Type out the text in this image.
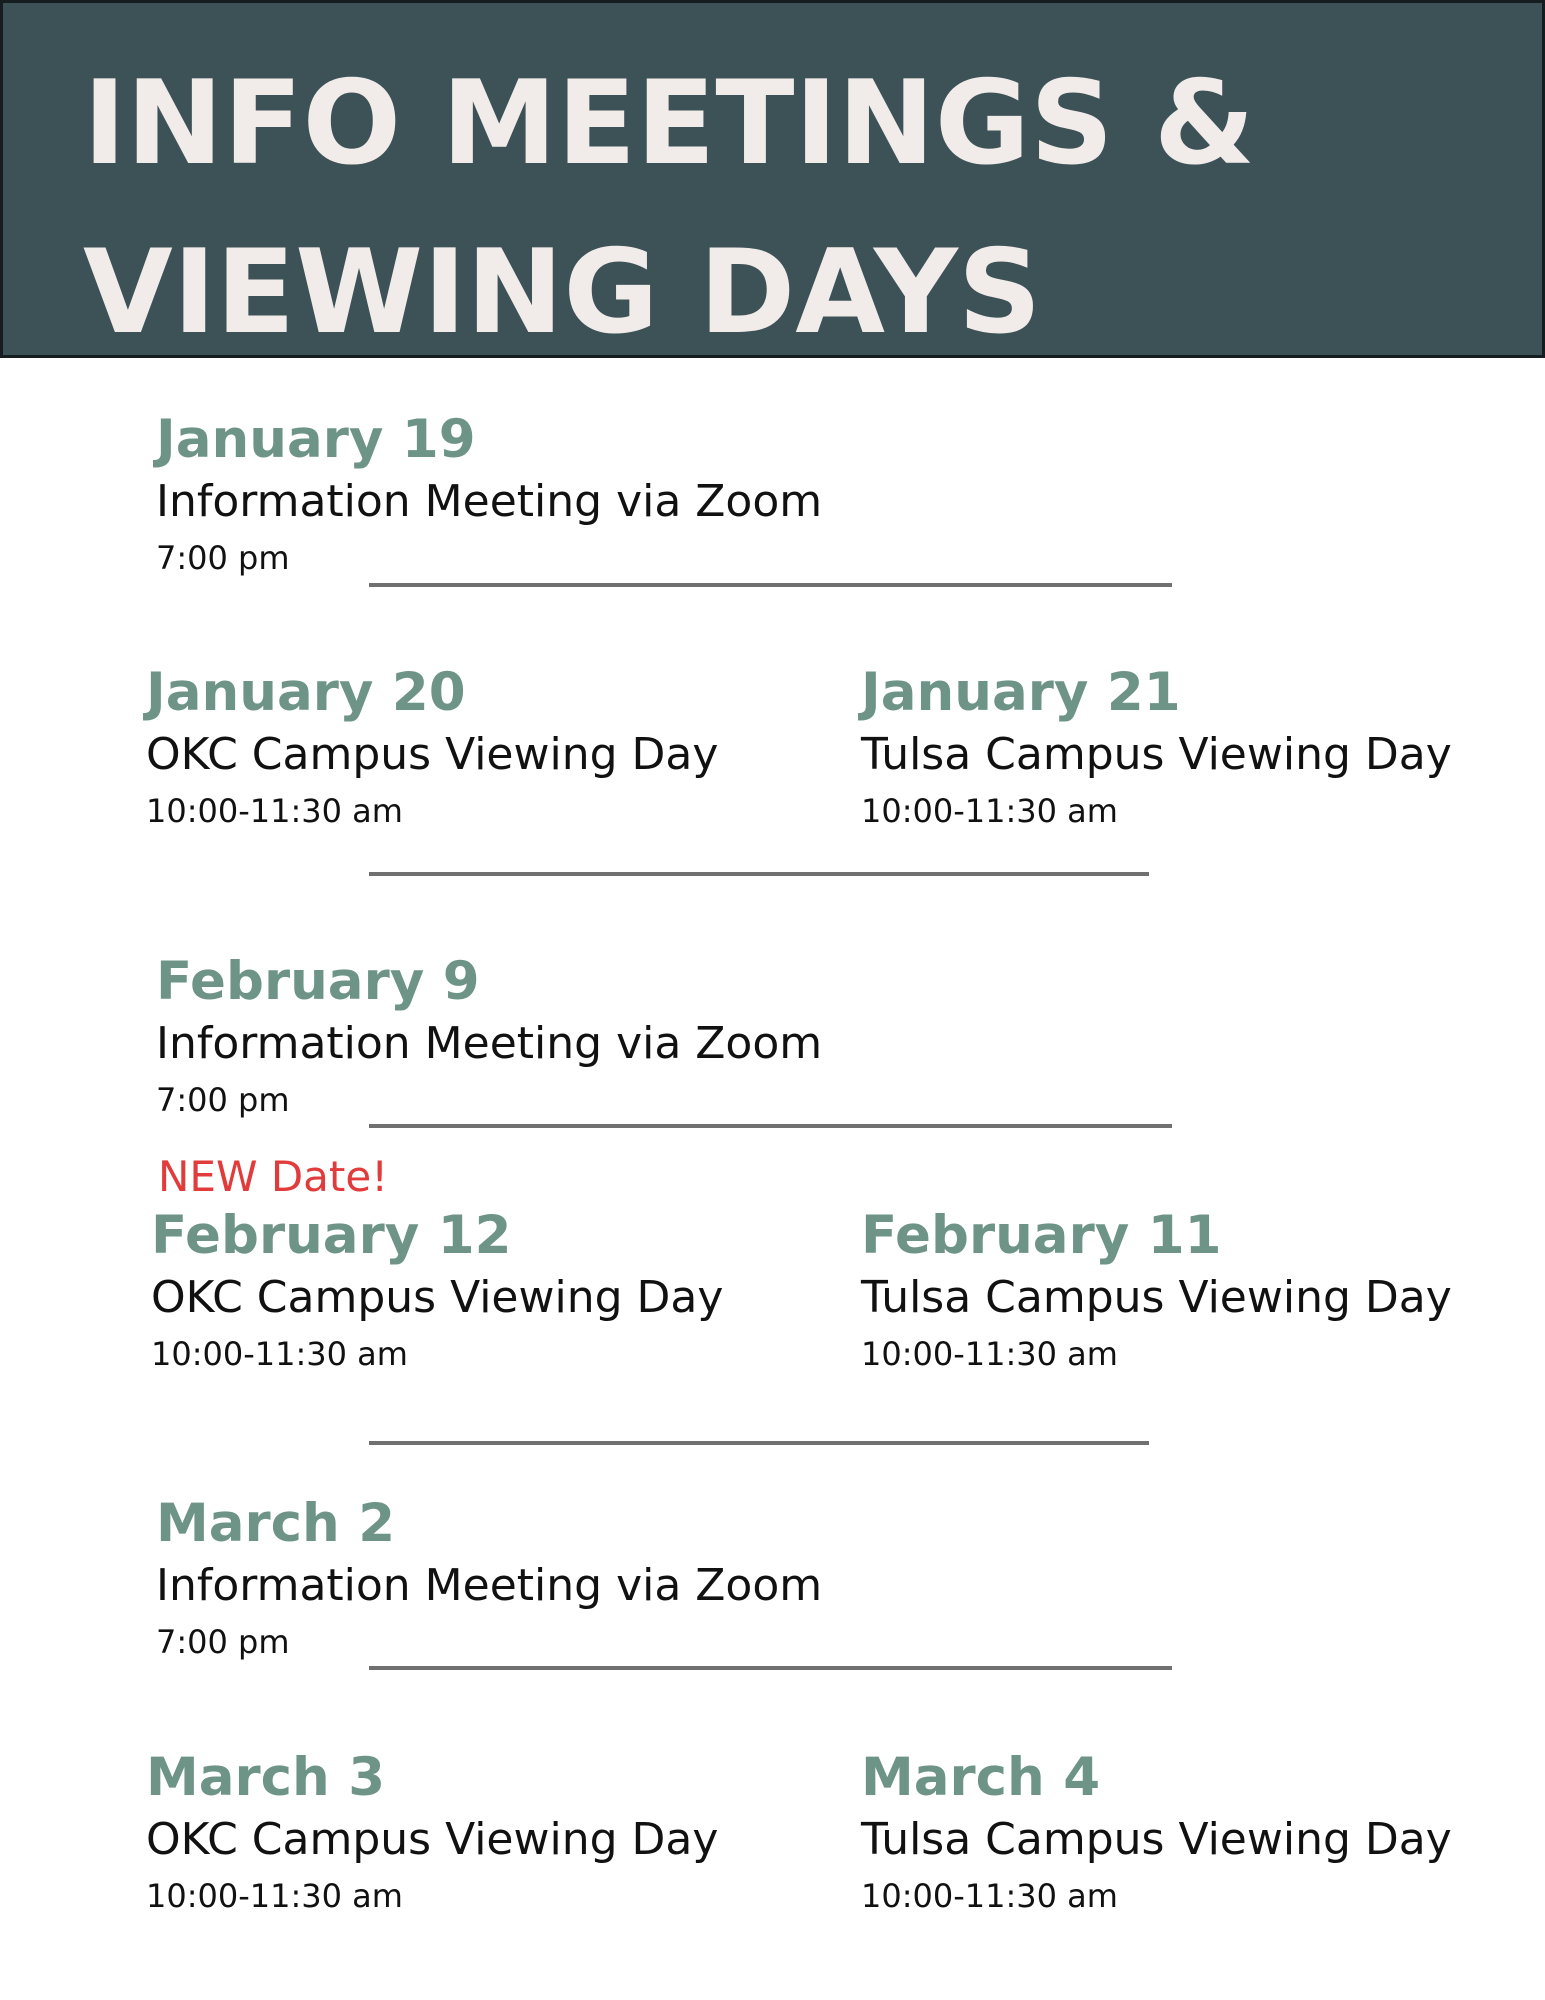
INFO MEETINGS &
VIEWING DAYS
January 19
Information Meeting via Zoom
7:00 pm
January 20
OKC Campus Viewing Day
10:00-11:30 am
January 21
Tulsa Campus Viewing Day
10:00-11:30 am
February 9
Information Meeting via Zoom
7:00 pm
NEW Date!
February 12
OKC Campus Viewing Day
10:00-11:30 am
February 11
Tulsa Campus Viewing Day
10:00-11:30 am
March 2
Information Meeting via Zoom
7:00 pm
March 3
OKC Campus Viewing Day
10:00-11:30 am
March 4
Tulsa Campus Viewing Day
10:00-11:30 am
